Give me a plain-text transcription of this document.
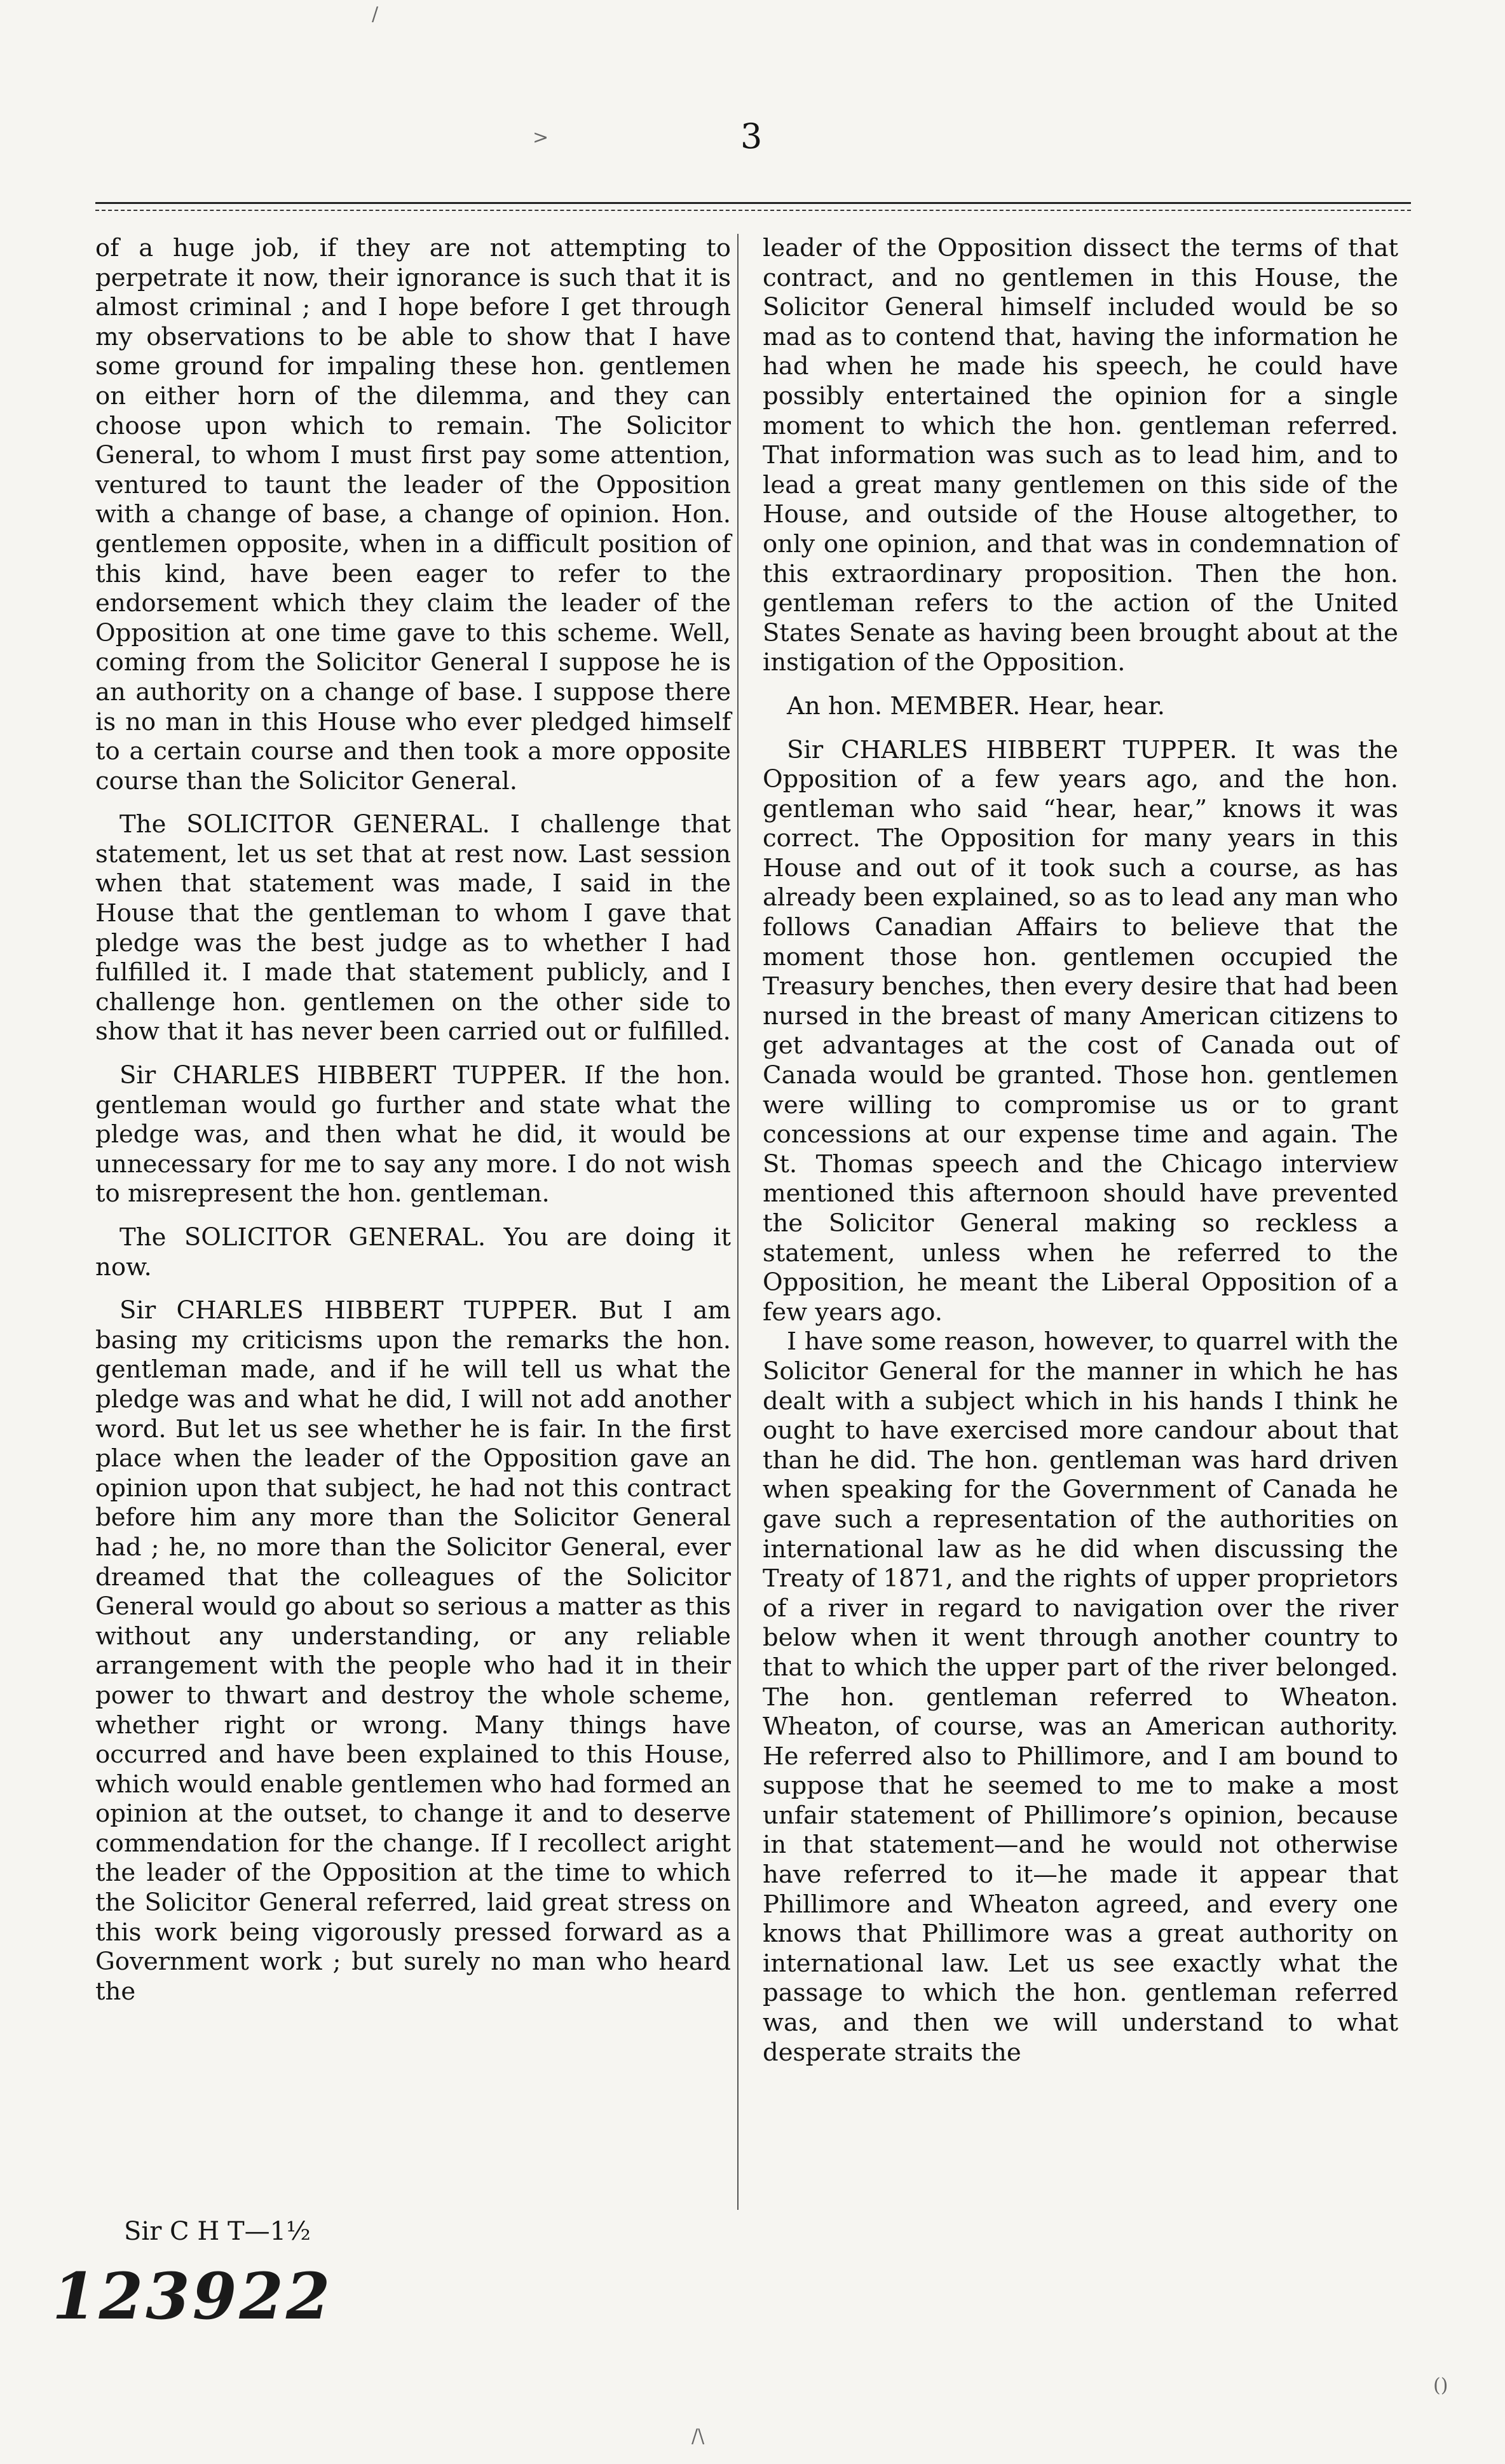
3

of a huge job, if they are not attempting to perpetrate it now, their ignorance is such that it is almost criminal ; and I hope before I get through my observations to be able to show that I have some ground for impaling these hon. gentlemen on either horn of the dilemma, and they can choose upon which to remain. The Solicitor General, to whom I must first pay some attention, ventured to taunt the leader of the Opposition with a change of base, a change of opinion. Hon. gentlemen opposite, when in a difficult position of this kind, have been eager to refer to the endorsement which they claim the leader of the Opposition at one time gave to this scheme. Well, coming from the Solicitor General I suppose he is an authority on a change of base. I suppose there is no man in this House who ever pledged himself to a certain course and then took a more opposite course than the Solicitor General.

The SOLICITOR GENERAL. I challenge that statement, let us set that at rest now. Last session when that statement was made, I said in the House that the gentleman to whom I gave that pledge was the best judge as to whether I had fulfilled it. I made that statement publicly, and I challenge hon. gentlemen on the other side to show that it has never been carried out or fulfilled.

Sir CHARLES HIBBERT TUPPER. If the hon. gentleman would go further and state what the pledge was, and then what he did, it would be unnecessary for me to say any more. I do not wish to misrepresent the hon. gentleman.

The SOLICITOR GENERAL. You are doing it now.

Sir CHARLES HIBBERT TUPPER. But I am basing my criticisms upon the remarks the hon. gentleman made, and if he will tell us what the pledge was and what he did, I will not add another word. But let us see whether he is fair. In the first place when the leader of the Opposition gave an opinion upon that subject, he had not this contract before him any more than the Solicitor General had ; he, no more than the Solicitor General, ever dreamed that the colleagues of the Solicitor General would go about so serious a matter as this without any understanding, or any reliable arrangement with the people who had it in their power to thwart and destroy the whole scheme, whether right or wrong. Many things have occurred and have been explained to this House, which would enable gentlemen who had formed an opinion at the outset, to change it and to deserve commendation for the change. If I recollect aright the leader of the Opposition at the time to which the Solicitor General referred, laid great stress on this work being vigorously pressed forward as a Government work ; but surely no man who heard the

leader of the Opposition dissect the terms of that contract, and no gentlemen in this House, the Solicitor General himself included would be so mad as to contend that, having the information he had when he made his speech, he could have possibly entertained the opinion for a single moment to which the hon. gentleman referred. That information was such as to lead him, and to lead a great many gentlemen on this side of the House, and outside of the House altogether, to only one opinion, and that was in condemnation of this extraordinary proposition. Then the hon. gentleman refers to the action of the United States Senate as having been brought about at the instigation of the Opposition.

An hon. MEMBER. Hear, hear.

Sir CHARLES HIBBERT TUPPER. It was the Opposition of a few years ago, and the hon. gentleman who said “hear, hear,” knows it was correct. The Opposition for many years in this House and out of it took such a course, as has already been explained, so as to lead any man who follows Canadian Affairs to believe that the moment those hon. gentlemen occupied the Treasury benches, then every desire that had been nursed in the breast of many American citizens to get advantages at the cost of Canada out of Canada would be granted. Those hon. gentlemen were willing to compromise us or to grant concessions at our expense time and again. The St. Thomas speech and the Chicago interview mentioned this afternoon should have prevented the Solicitor General making so reckless a statement, unless when he referred to the Opposition, he meant the Liberal Opposition of a few years ago.

I have some reason, however, to quarrel with the Solicitor General for the manner in which he has dealt with a subject which in his hands I think he ought to have exercised more candour about that than he did. The hon. gentleman was hard driven when speaking for the Government of Canada he gave such a representation of the authorities on international law as he did when discussing the Treaty of 1871, and the rights of upper proprietors of a river in regard to navigation over the river below when it went through another country to that to which the upper part of the river belonged. The hon. gentleman referred to Wheaton. Wheaton, of course, was an American authority. He referred also to Phillimore, and I am bound to suppose that he seemed to me to make a most unfair statement of Phillimore’s opinion, because in that statement—and he would not otherwise have referred to it—he made it appear that Phillimore and Wheaton agreed, and every one knows that Phillimore was a great authority on international law. Let us see exactly what the passage to which the hon. gentleman referred was, and then we will understand to what desperate straits the

Sir C H T—1½
123922
/
>
/\
()
